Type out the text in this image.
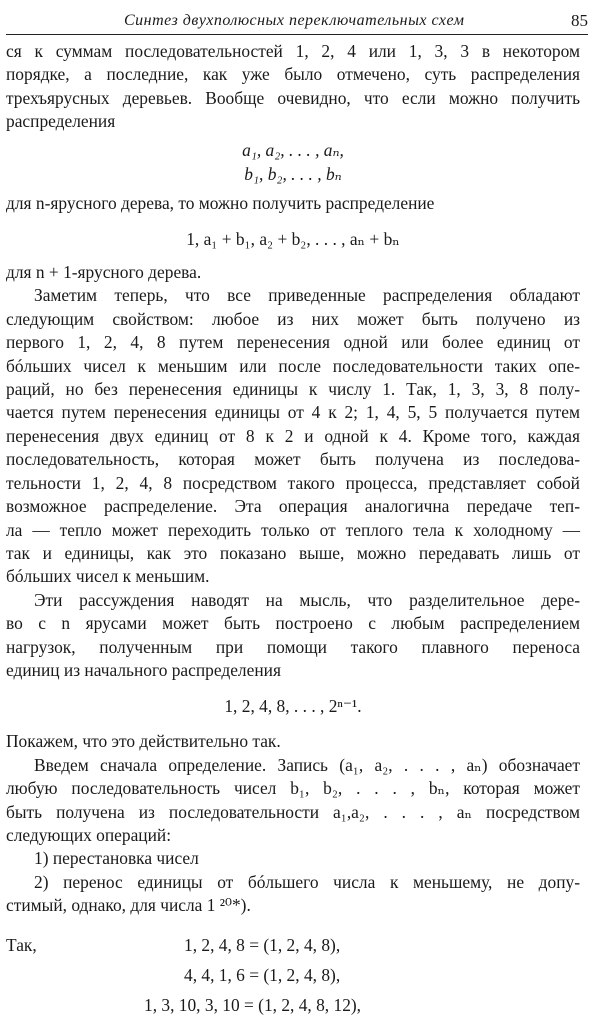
Синтез двухполюсных переключательных схем	85

ся к суммам последовательностей 1, 2, 4 или 1, 3, 3 в некотором

порядке, а последние, как уже было отмечено, суть распределения

трехъярусных деревьев. Вообще очевидно, что если можно получить

распределения

a₁, a₂, . . . , aₙ,
b₁, b₂, . . . , bₙ

для n-ярусного дерева, то можно получить распределение

1, a₁ + b₁, a₂ + b₂, . . . , aₙ + bₙ

для n + 1-ярусного дерева.

Заметим теперь, что все приведенные распределения обладают

следующим свойством: любое из них может быть получено из

первого 1, 2, 4, 8 путем перенесения одной или более единиц от

бóльших чисел к меньшим или после последовательности таких опе-

раций, но без перенесения единицы к числу 1. Так, 1, 3, 3, 8 полу-

чается путем перенесения единицы от 4 к 2; 1, 4, 5, 5 получается путем

перенесения двух единиц от 8 к 2 и одной к 4. Кроме того, каждая

последовательность, которая может быть получена из последова-

тельности 1, 2, 4, 8 посредством такого процесса, представляет собой

возможное распределение. Эта операция аналогична передаче теп-

ла — тепло может переходить только от теплого тела к холодному —

так и единицы, как это показано выше, можно передавать лишь от

бóльших чисел к меньшим.

Эти рассуждения наводят на мысль, что разделительное дере-

во с n ярусами может быть построено с любым распределением

нагрузок, полученным при помощи такого плавного переноса

единиц из начального распределения

1, 2, 4, 8, . . . , 2ⁿ⁻¹.

Покажем, что это действительно так.

Введем сначала определение. Запись (a₁, a₂, . . . , aₙ) обозначает

любую последовательность чисел b₁, b₂, . . . , bₙ, которая может

быть получена из последовательности a₁,a₂, . . . , aₙ посредством

следующих операций:

1) перестановка чисел

2) перенос единицы от бóльшего числа к меньшему, не допу-

стимый, однако, для числа 1 ²⁰*).

Так,	1, 2, 4, 8 = (1, 2, 4, 8),
4, 4, 1, 6 = (1, 2, 4, 8),
1, 3, 10, 3, 10 = (1, 2, 4, 8, 12),
